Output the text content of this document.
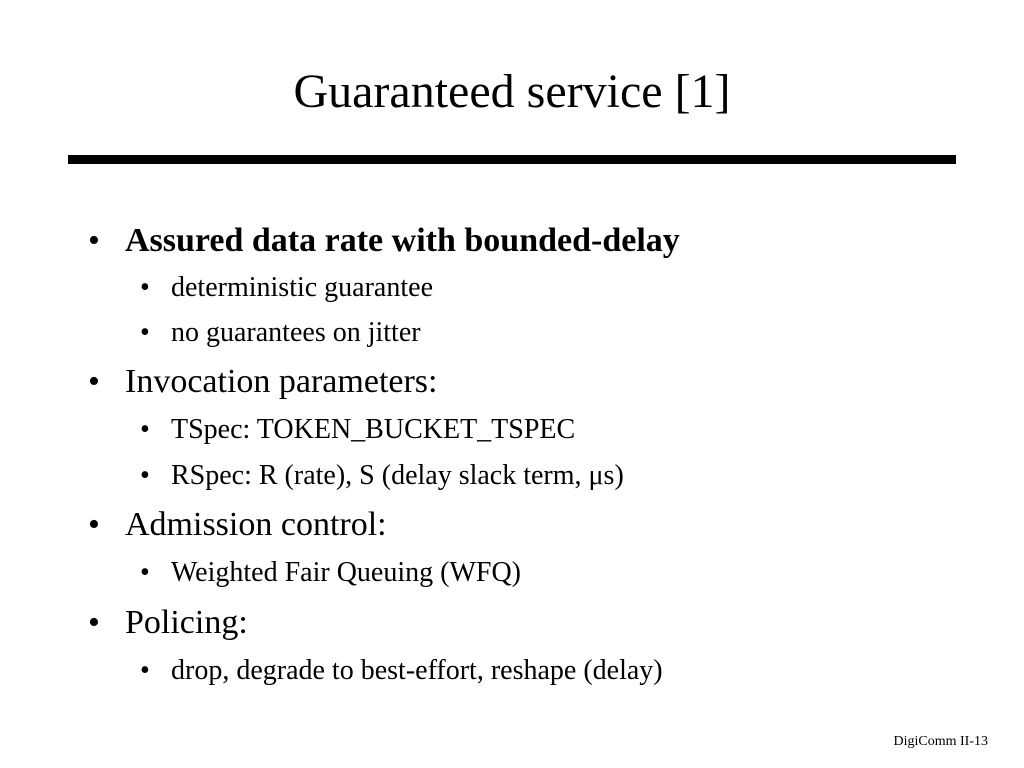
Guaranteed service [1]
• Assured data rate with bounded-delay
• deterministic guarantee
• no guarantees on jitter
• Invocation parameters:
• TSpec: TOKEN_BUCKET_TSPEC
• RSpec: R (rate), S (delay slack term, μs)
• Admission control:
• Weighted Fair Queuing (WFQ)
• Policing:
• drop, degrade to best-effort, reshape (delay)
DigiComm II-13
